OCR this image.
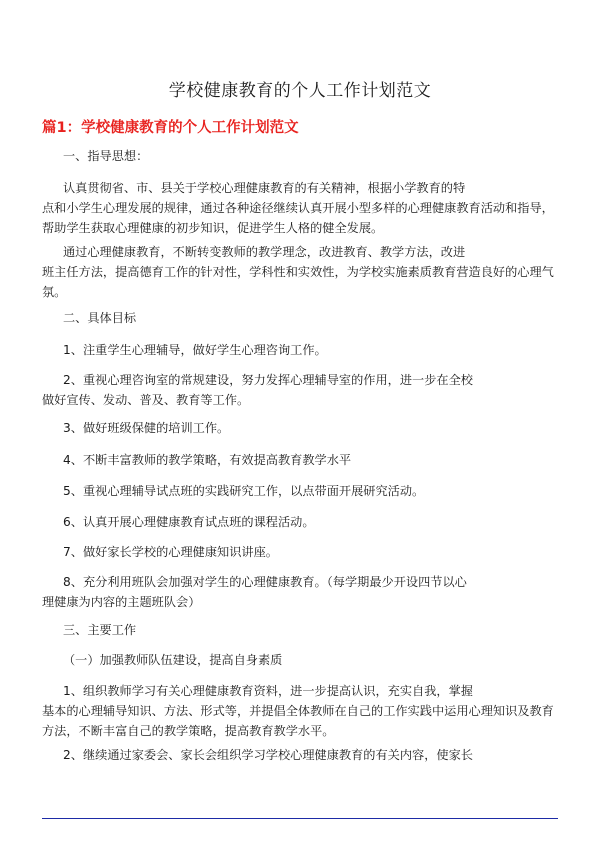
学校健康教育的个人工作计划范文
篇1：学校健康教育的个人工作计划范文
一、指导思想：
认真贯彻省、市、县关于学校心理健康教育的有关精神，根据小学教育的特
点和小学生心理发展的规律，通过各种途径继续认真开展小型多样的心理健康教育活动和指导，
帮助学生获取心理健康的初步知识，促进学生人格的健全发展。
通过心理健康教育，不断转变教师的教学理念，改进教育、教学方法，改进
班主任方法，提高德育工作的针对性，学科性和实效性，为学校实施素质教育营造良好的心理气
氛。
二、具体目标
1、注重学生心理辅导，做好学生心理咨询工作。
2、重视心理咨询室的常规建设，努力发挥心理辅导室的作用，进一步在全校
做好宣传、发动、普及、教育等工作。
3、做好班级保健的培训工作。
4、不断丰富教师的教学策略，有效提高教育教学水平
5、重视心理辅导试点班的实践研究工作，以点带面开展研究活动。
6、认真开展心理健康教育试点班的课程活动。
7、做好家长学校的心理健康知识讲座。
8、充分利用班队会加强对学生的心理健康教育。（每学期最少开设四节以心
理健康为内容的主题班队会）
三、主要工作
（一）加强教师队伍建设，提高自身素质
1、组织教师学习有关心理健康教育资料，进一步提高认识，充实自我，掌握
基本的心理辅导知识、方法、形式等，并提倡全体教师在自己的工作实践中运用心理知识及教育
方法，不断丰富自己的教学策略，提高教育教学水平。
2、继续通过家委会、家长会组织学习学校心理健康教育的有关内容，使家长
